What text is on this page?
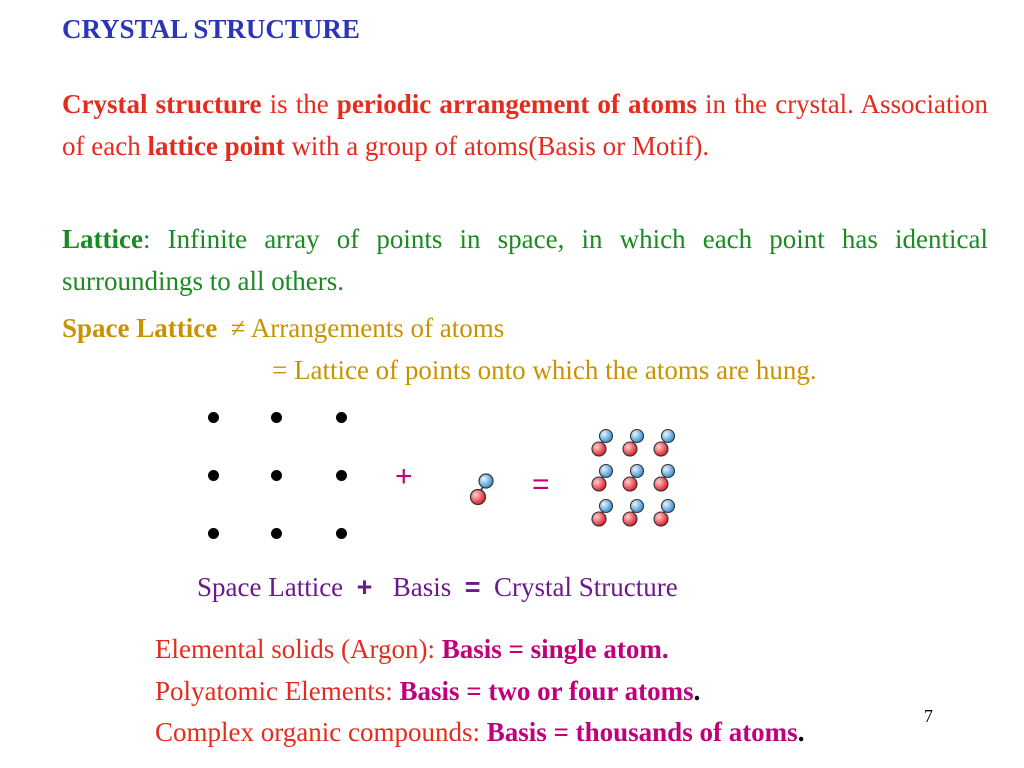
CRYSTAL STRUCTURE
Crystal structure is the periodic arrangement of atoms in the crystal. Association of each lattice point with a group of atoms(Basis or Motif).
Lattice: Infinite array of points in space, in which each point has identical surroundings to all others.
Space Lattice ≠ Arrangements of atoms
= Lattice of points onto which the atoms are hung.
+	=
Space Lattice + Basis = Crystal Structure
Elemental solids (Argon): Basis = single atom.
Polyatomic Elements: Basis = two or four atoms.
Complex organic compounds: Basis = thousands of atoms.
7
